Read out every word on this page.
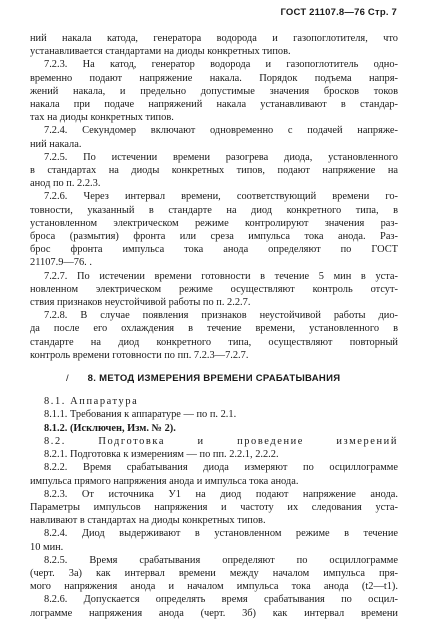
ГОСТ 21107.8—76 Стр. 7
ний накала катода, генератора водорода и газопоглотителя, что
устанавливается стандартами на диоды конкретных типов.
7.2.3. На катод, генератор водорода и газопоглотитель одно-
временно подают напряжение накала. Порядок подъема напря-
жений накала, и предельно допустимые значения бросков токов
накала при подаче напряжений накала устанавливают в стандар-
тах на диоды конкретных типов.
7.2.4. Секундомер включают одновременно с подачей напряже-
ний накала.
7.2.5. По истечении времени разогрева диода, установленного
в стандартах на диоды конкретных типов, подают напряжение на
анод по п. 2.2.3.
7.2.6. Через интервал времени, соответствующий времени го-
товности, указанный в стандарте на диод конкретного типа, в
установленном электрическом режиме контролируют значения раз-
броса (размытия) фронта или среза импульса тока анода. Раз-
брос фронта импульса тока анода определяют по ГОСТ
21107.9—76. .
7.2.7. По истечении времени готовности в течение 5 мин в уста-
новленном электрическом режиме осуществляют контроль отсут-
ствия признаков неустойчивой работы по п. 2.2.7.
7.2.8. В случае появления признаков неустойчивой работы дио-
да после его охлаждения в течение времени, установленного в
стандарте на диод конкретного типа, осуществляют повторный
контроль времени готовности по пп. 7.2.3—7.2.7.
/ 8. МЕТОД ИЗМЕРЕНИЯ ВРЕМЕНИ СРАБАТЫВАНИЯ
8.1. Аппаратура
8.1.1. Требования к аппаратуре — по п. 2.1.
8.1.2. (Исключен, Изм. № 2).
8.2. Подготовка и проведение измерений
8.2.1. Подготовка к измерениям — по пп. 2.2.1, 2.2.2.
8.2.2. Время срабатывания диода измеряют по осциллограмме
импульса прямого напряжения анода и импульса тока анода.
8.2.3. От источника У1 на диод подают напряжение анода.
Параметры импульсов напряжения и частоту их следования уста-
навливают в стандартах на диоды конкретных типов.
8.2.4. Диод выдерживают в установленном режиме в течение
10 мин.
8.2.5. Время срабатывания определяют по осциллограмме
(черт. 3а) как интервал времени между началом импульса пря-
мого напряжения анода и началом импульса тока анода (t2—t1).
8.2.6. Допускается определять время срабатывания по осцил-
лограмме напряжения анода (черт. 3б) как интервал времени
